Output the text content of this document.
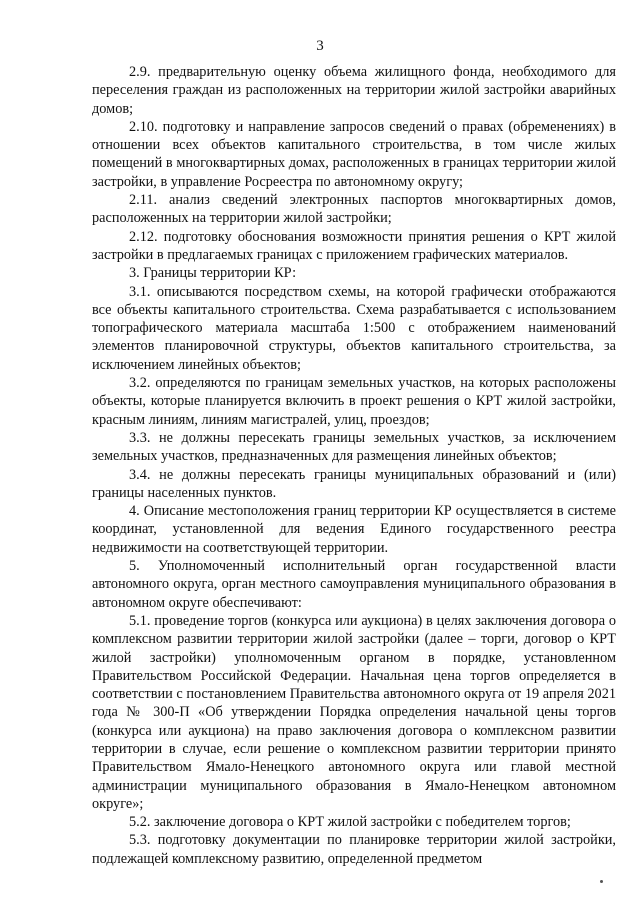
3

2.9. предварительную оценку объема жилищного фонда, необходимого для переселения граждан из расположенных на территории жилой застройки аварийных домов;

2.10. подготовку и направление запросов сведений о правах (обременениях) в отношении всех объектов капитального строительства, в том числе жилых помещений в многоквартирных домах, расположенных в границах территории жилой застройки, в управление Росреестра по автономному округу;

2.11. анализ сведений электронных паспортов многоквартирных домов, расположенных на территории жилой застройки;

2.12. подготовку обоснования возможности принятия решения о КРТ жилой застройки в предлагаемых границах с приложением графических материалов.

3. Границы территории КР:

3.1. описываются посредством схемы, на которой графически отображаются все объекты капитального строительства. Схема разрабатывается с использованием топографического материала масштаба 1:500 с отображением наименований элементов планировочной структуры, объектов капитального строительства, за исключением линейных объектов;

3.2. определяются по границам земельных участков, на которых расположены объекты, которые планируется включить в проект решения о КРТ жилой застройки, красным линиям, линиям магистралей, улиц, проездов;

3.3. не должны пересекать границы земельных участков, за исключением земельных участков, предназначенных для размещения линейных объектов;

3.4. не должны пересекать границы муниципальных образований и (или) границы населенных пунктов.

4. Описание местоположения границ территории КР осуществляется в системе координат, установленной для ведения Единого государственного реестра недвижимости на соответствующей территории.

5. Уполномоченный исполнительный орган государственной власти автономного округа, орган местного самоуправления муниципального образования в автономном округе обеспечивают:

5.1. проведение торгов (конкурса или аукциона) в целях заключения договора о комплексном развитии территории жилой застройки (далее – торги, договор о КРТ жилой застройки) уполномоченным органом в порядке, установленном Правительством Российской Федерации. Начальная цена торгов определяется в соответствии с постановлением Правительства автономного округа от 19 апреля 2021 года № 300-П «Об утверждении Порядка определения начальной цены торгов (конкурса или аукциона) на право заключения договора о комплексном развитии территории в случае, если решение о комплексном развитии территории принято Правительством Ямало-Ненецкого автономного округа или главой местной администрации муниципального образования в Ямало-Ненецком автономном округе»;

5.2. заключение договора о КРТ жилой застройки с победителем торгов;

5.3. подготовку документации по планировке территории жилой застройки, подлежащей комплексному развитию, определенной предметом
